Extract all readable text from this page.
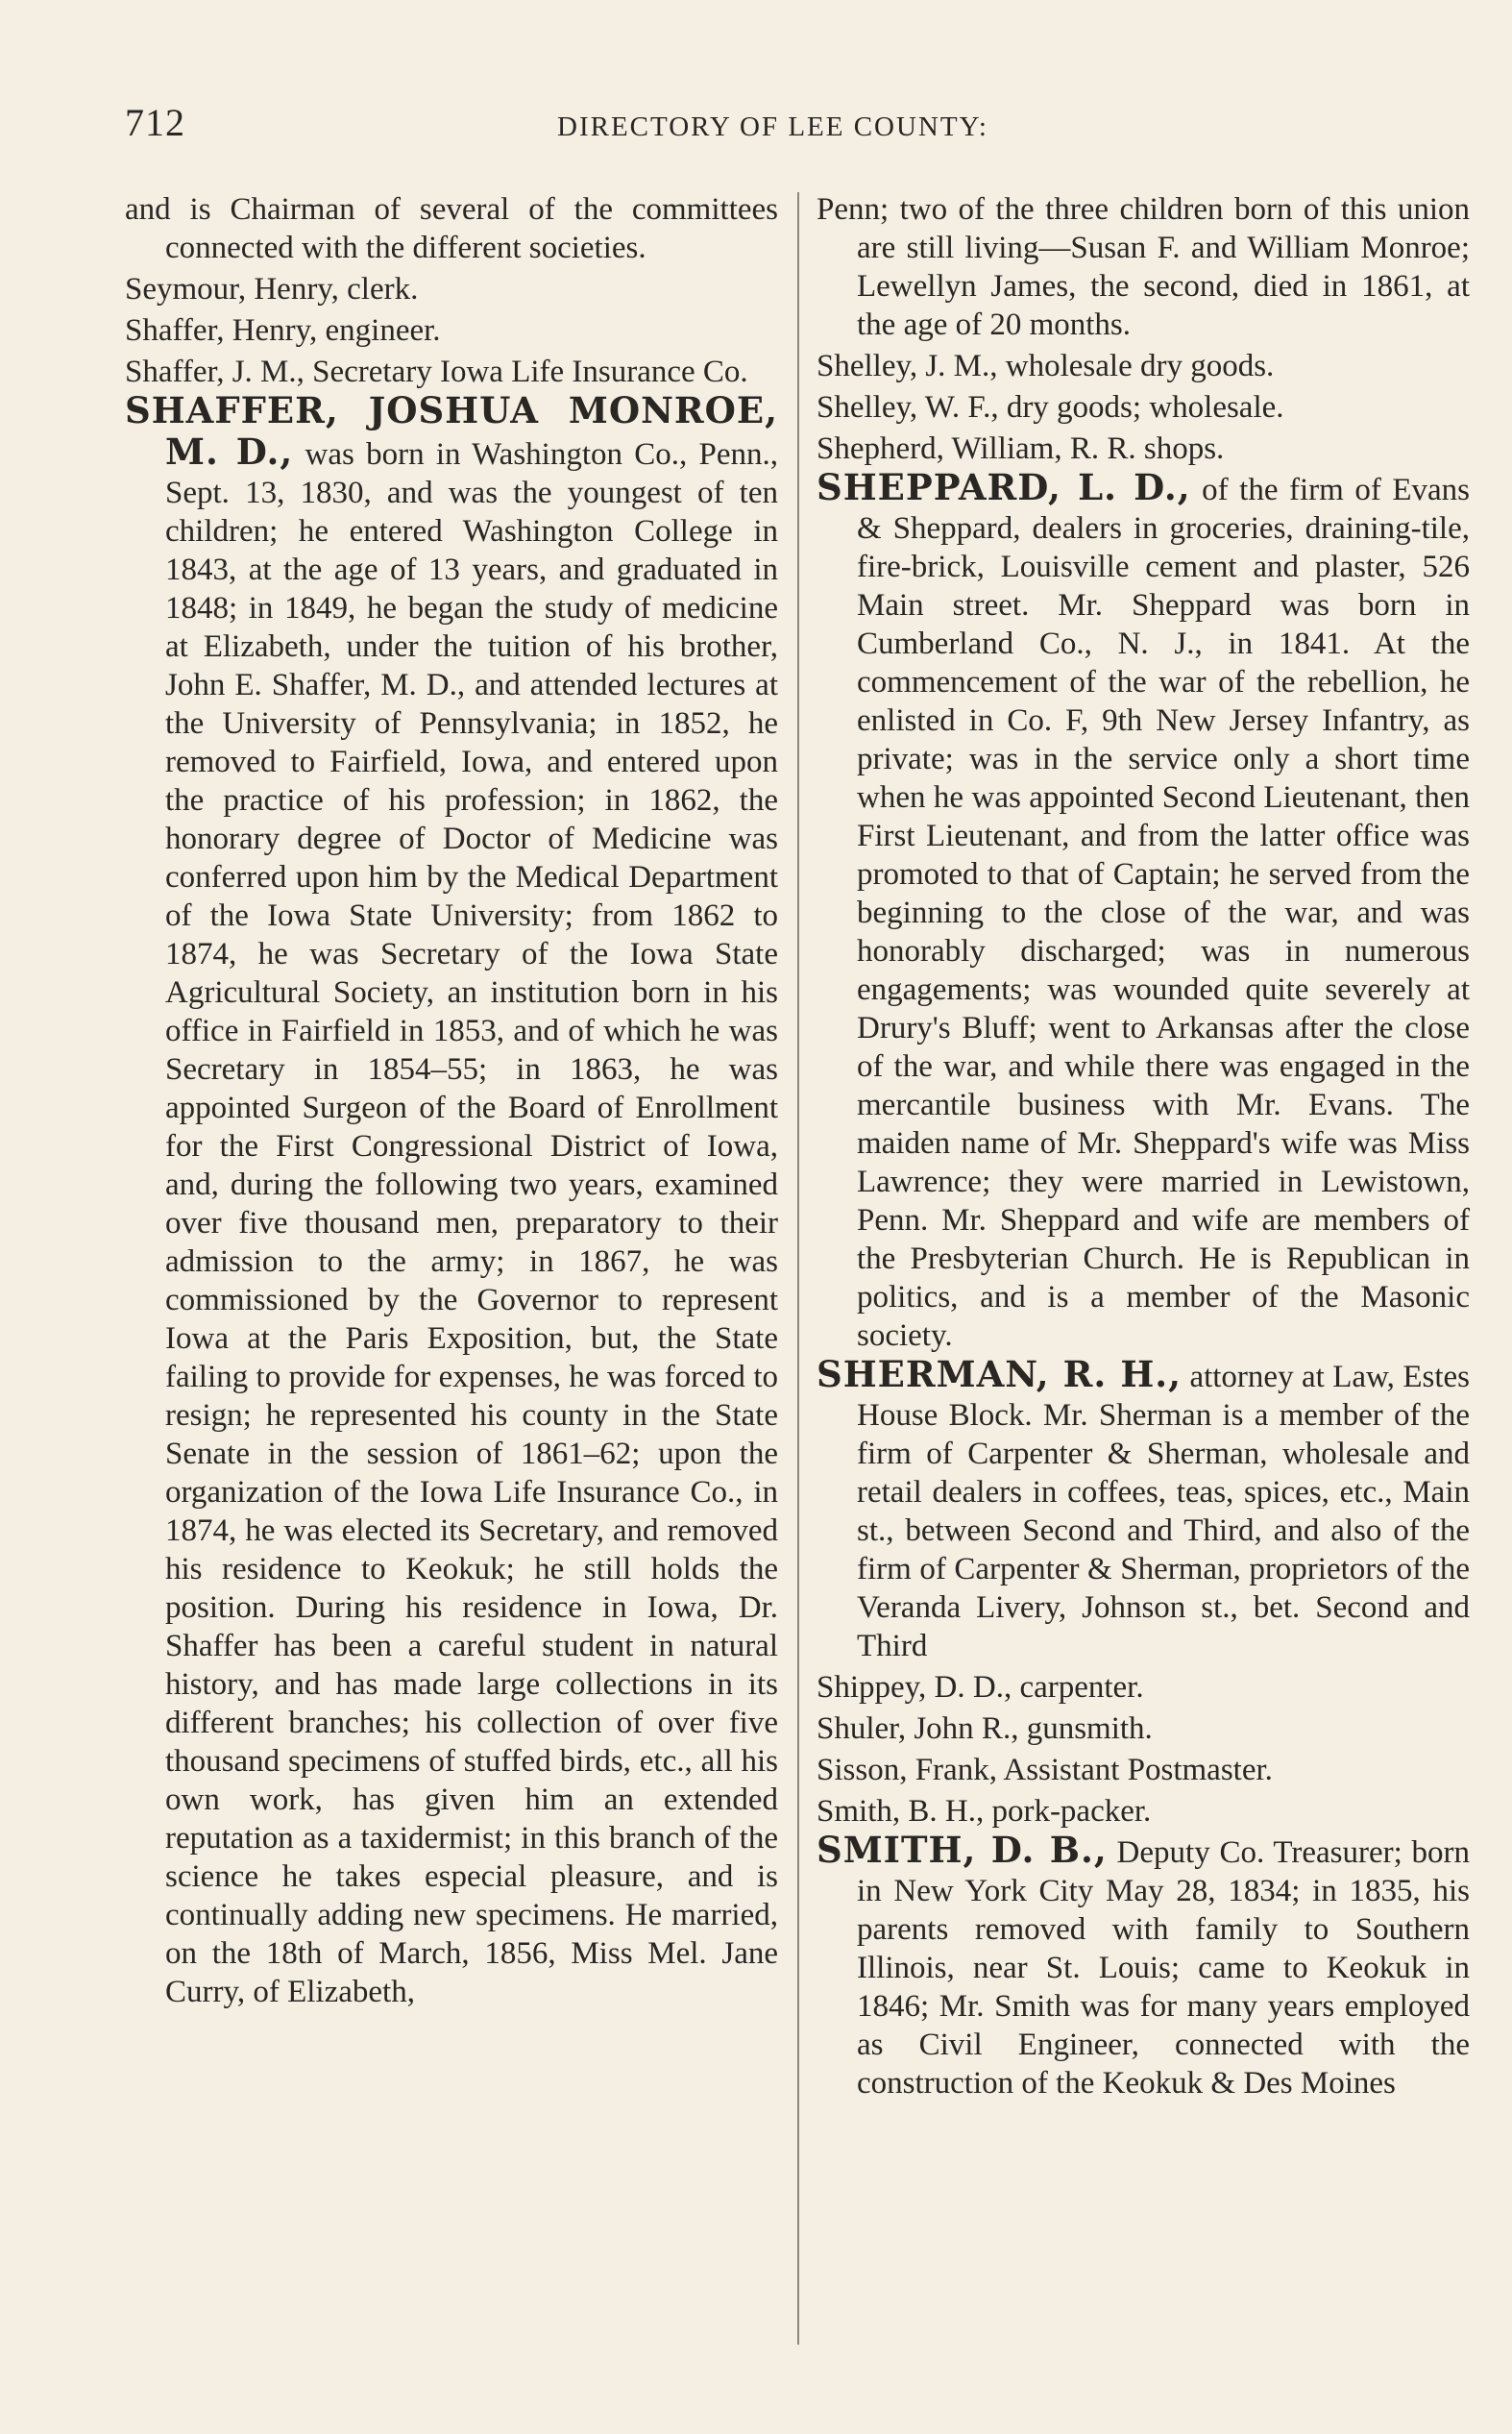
712	DIRECTORY OF LEE COUNTY:

and is Chairman of several of the committees connected with the different societies.

Seymour, Henry, clerk.

Shaffer, Henry, engineer.

Shaffer, J. M., Secretary Iowa Life Insurance Co.

SHAFFER, JOSHUA MONROE, M. D., was born in Washington Co., Penn., Sept. 13, 1830, and was the youngest of ten children; he entered Washington College in 1843, at the age of 13 years, and graduated in 1848; in 1849, he began the study of medicine at Elizabeth, under the tuition of his brother, John E. Shaffer, M. D., and attended lectures at the University of Pennsylvania; in 1852, he removed to Fairfield, Iowa, and entered upon the practice of his profession; in 1862, the honorary degree of Doctor of Medicine was conferred upon him by the Medical Department of the Iowa State University; from 1862 to 1874, he was Secretary of the Iowa State Agricultural Society, an institution born in his office in Fairfield in 1853, and of which he was Secretary in 1854–55; in 1863, he was appointed Surgeon of the Board of Enrollment for the First Congressional District of Iowa, and, during the following two years, examined over five thousand men, preparatory to their admission to the army; in 1867, he was commissioned by the Governor to represent Iowa at the Paris Exposition, but, the State failing to provide for expenses, he was forced to resign; he represented his county in the State Senate in the session of 1861–62; upon the organization of the Iowa Life Insurance Co., in 1874, he was elected its Secretary, and removed his residence to Keokuk; he still holds the position. During his residence in Iowa, Dr. Shaffer has been a careful student in natural history, and has made large collections in its different branches; his collection of over five thousand specimens of stuffed birds, etc., all his own work, has given him an extended reputation as a taxidermist; in this branch of the science he takes especial pleasure, and is continually adding new specimens. He married, on the 18th of March, 1856, Miss Mel. Jane Curry, of Elizabeth,

Penn; two of the three children born of this union are still living—Susan F. and William Monroe; Lewellyn James, the second, died in 1861, at the age of 20 months.

Shelley, J. M., wholesale dry goods.

Shelley, W. F., dry goods; wholesale.

Shepherd, William, R. R. shops.

SHEPPARD, L. D., of the firm of Evans & Sheppard, dealers in groceries, draining-tile, fire-brick, Louisville cement and plaster, 526 Main street. Mr. Sheppard was born in Cumberland Co., N. J., in 1841. At the commencement of the war of the rebellion, he enlisted in Co. F, 9th New Jersey Infantry, as private; was in the service only a short time when he was appointed Second Lieutenant, then First Lieutenant, and from the latter office was promoted to that of Captain; he served from the beginning to the close of the war, and was honorably discharged; was in numerous engagements; was wounded quite severely at Drury's Bluff; went to Arkansas after the close of the war, and while there was engaged in the mercantile business with Mr. Evans. The maiden name of Mr. Sheppard's wife was Miss Lawrence; they were married in Lewistown, Penn. Mr. Sheppard and wife are members of the Presbyterian Church. He is Republican in politics, and is a member of the Masonic society.

SHERMAN, R. H., attorney at Law, Estes House Block. Mr. Sherman is a member of the firm of Carpenter & Sherman, wholesale and retail dealers in coffees, teas, spices, etc., Main st., between Second and Third, and also of the firm of Carpenter & Sherman, proprietors of the Veranda Livery, Johnson st., bet. Second and Third

Shippey, D. D., carpenter.

Shuler, John R., gunsmith.

Sisson, Frank, Assistant Postmaster.

Smith, B. H., pork-packer.

SMITH, D. B., Deputy Co. Treasurer; born in New York City May 28, 1834; in 1835, his parents removed with family to Southern Illinois, near St. Louis; came to Keokuk in 1846; Mr. Smith was for many years employed as Civil Engineer, connected with the construction of the Keokuk & Des Moines
